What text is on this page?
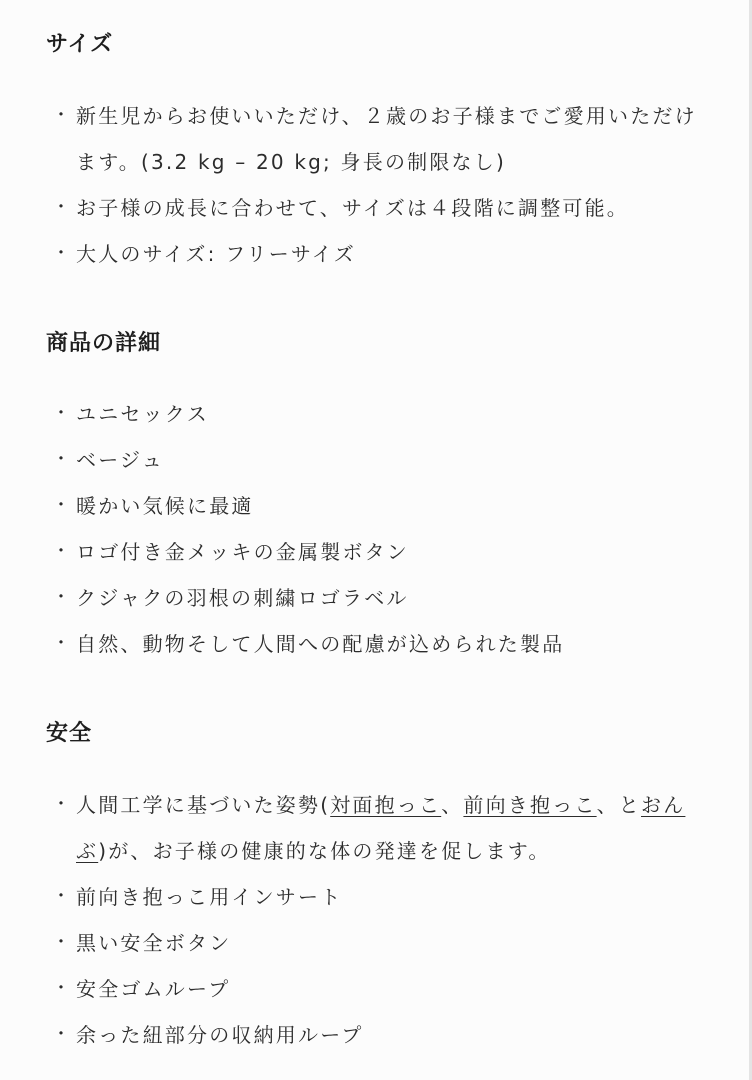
サイズ
・ 新生児からお使いいただけ、２歳のお子様までご愛用いただけます。(3.2 kg – 20 kg; 身長の制限なし)
・ お子様の成長に合わせて、サイズは４段階に調整可能。
・ 大人のサイズ: フリーサイズ
商品の詳細
・ ユニセックス
・ ベージュ
・ 暖かい気候に最適
・ ロゴ付き金メッキの金属製ボタン
・ クジャクの羽根の刺繍ロゴラベル
・ 自然、動物そして人間への配慮が込められた製品
安全
・ 人間工学に基づいた姿勢(対面抱っこ、前向き抱っこ、とおんぶ)が、お子様の健康的な体の発達を促します。
・ 前向き抱っこ用インサート
・ 黒い安全ボタン
・ 安全ゴムループ
・ 余った紐部分の収納用ループ
